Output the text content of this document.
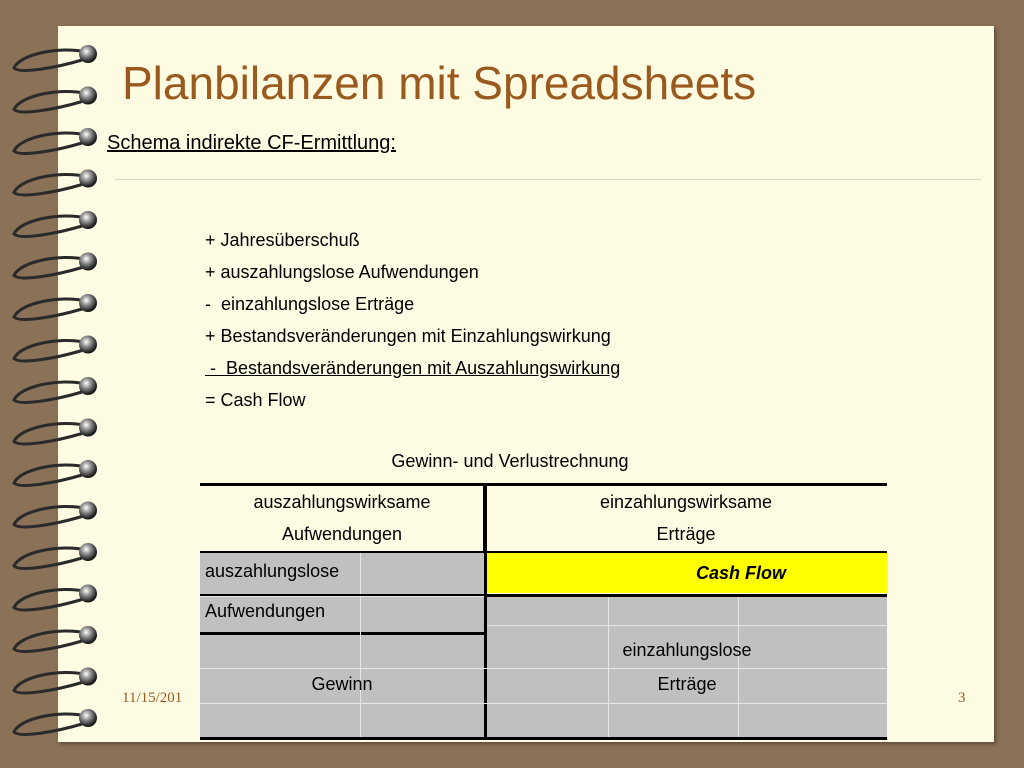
Planbilanzen mit Spreadsheets
Schema indirekte CF-Ermittlung:
+ Jahresüberschuß
+ auszahlungslose Aufwendungen
-  einzahlungslose Erträge
+ Bestandsveränderungen mit Einzahlungswirkung
-  Bestandsveränderungen mit Auszahlungswirkung
= Cash Flow
Gewinn- und Verlustrechnung
auszahlungswirksame
Aufwendungen
einzahlungswirksame
Erträge
Cash Flow
auszahlungslose
Aufwendungen
Gewinn
einzahlungslose
Erträge
11/15/201	3
